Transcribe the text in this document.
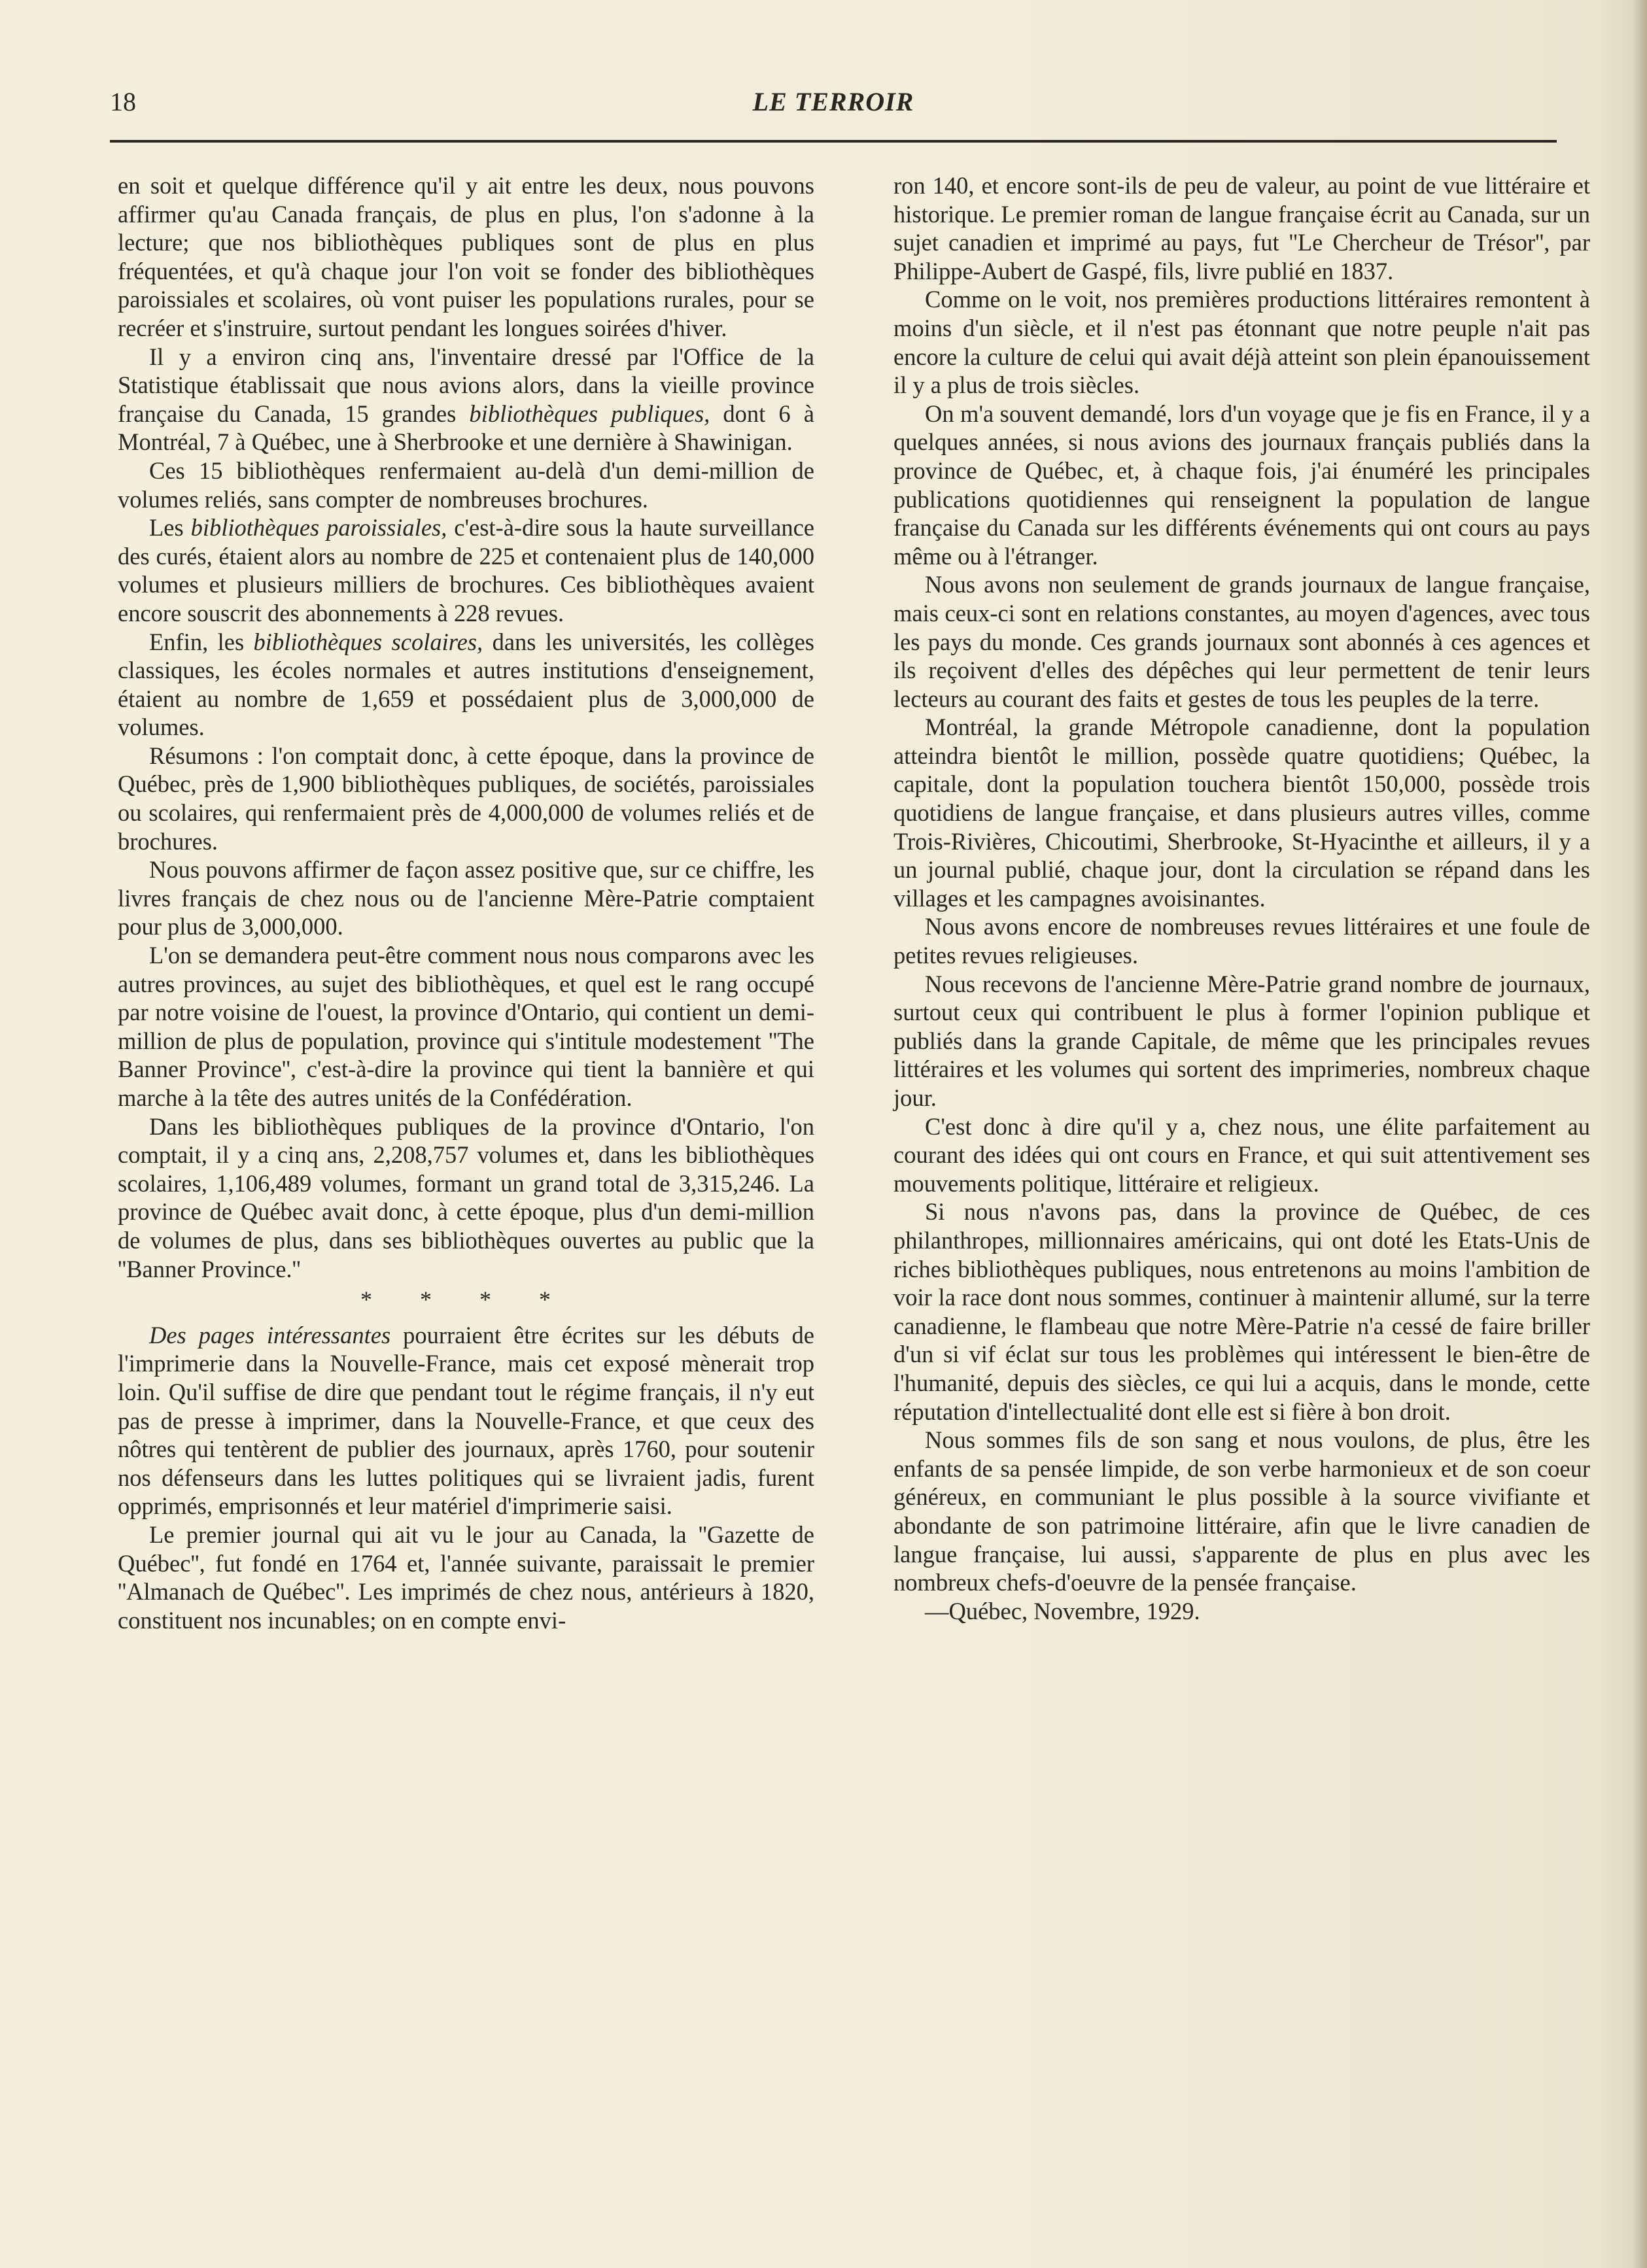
18	LE TERROIR

en soit et quelque différence qu'il y ait entre les deux, nous pouvons affirmer qu'au Canada français, de plus en plus, l'on s'adonne à la lecture; que nos bibliothèques publiques sont de plus en plus fréquentées, et qu'à chaque jour l'on voit se fonder des bibliothèques paroissiales et scolaires, où vont puiser les populations rurales, pour se recréer et s'instruire, surtout pendant les longues soirées d'hiver.

Il y a environ cinq ans, l'inventaire dressé par l'Office de la Statistique établissait que nous avions alors, dans la vieille province française du Canada, 15 grandes bibliothèques publiques, dont 6 à Montréal, 7 à Québec, une à Sherbrooke et une dernière à Shawinigan.

Ces 15 bibliothèques renfermaient au-delà d'un demi-million de volumes reliés, sans compter de nombreuses brochures.

Les bibliothèques paroissiales, c'est-à-dire sous la haute surveillance des curés, étaient alors au nombre de 225 et contenaient plus de 140,000 volumes et plusieurs milliers de brochures. Ces bibliothèques avaient encore souscrit des abonnements à 228 revues.

Enfin, les bibliothèques scolaires, dans les universités, les collèges classiques, les écoles normales et autres institutions d'enseignement, étaient au nombre de 1,659 et possédaient plus de 3,000,000 de volumes.

Résumons : l'on comptait donc, à cette époque, dans la province de Québec, près de 1,900 bibliothèques publiques, de sociétés, paroissiales ou scolaires, qui renfermaient près de 4,000,000 de volumes reliés et de brochures.

Nous pouvons affirmer de façon assez positive que, sur ce chiffre, les livres français de chez nous ou de l'ancienne Mère-Patrie comptaient pour plus de 3,000,000.

L'on se demandera peut-être comment nous nous comparons avec les autres provinces, au sujet des bibliothèques, et quel est le rang occupé par notre voisine de l'ouest, la province d'Ontario, qui contient un demi-million de plus de population, province qui s'intitule modestement ''The Banner Province'', c'est-à-dire la province qui tient la bannière et qui marche à la tête des autres unités de la Confédération.

Dans les bibliothèques publiques de la province d'Ontario, l'on comptait, il y a cinq ans, 2,208,757 volumes et, dans les bibliothèques scolaires, 1,106,489 volumes, formant un grand total de 3,315,246. La province de Québec avait donc, à cette époque, plus d'un demi-million de volumes de plus, dans ses bibliothèques ouvertes au public que la ''Banner Province.''

* * * *

Des pages intéressantes pourraient être écrites sur les débuts de l'imprimerie dans la Nouvelle-France, mais cet exposé mènerait trop loin. Qu'il suffise de dire que pendant tout le régime français, il n'y eut pas de presse à imprimer, dans la Nouvelle-France, et que ceux des nôtres qui tentèrent de publier des journaux, après 1760, pour soutenir nos défenseurs dans les luttes politiques qui se livraient jadis, furent opprimés, emprisonnés et leur matériel d'imprimerie saisi.

Le premier journal qui ait vu le jour au Canada, la ''Gazette de Québec'', fut fondé en 1764 et, l'année suivante, paraissait le premier ''Almanach de Québec''. Les imprimés de chez nous, antérieurs à 1820, constituent nos incunables; on en compte envi-

ron 140, et encore sont-ils de peu de valeur, au point de vue littéraire et historique. Le premier roman de langue française écrit au Canada, sur un sujet canadien et imprimé au pays, fut ''Le Chercheur de Trésor'', par Philippe-Aubert de Gaspé, fils, livre publié en 1837.

Comme on le voit, nos premières productions littéraires remontent à moins d'un siècle, et il n'est pas étonnant que notre peuple n'ait pas encore la culture de celui qui avait déjà atteint son plein épanouissement il y a plus de trois siècles.

On m'a souvent demandé, lors d'un voyage que je fis en France, il y a quelques années, si nous avions des journaux français publiés dans la province de Québec, et, à chaque fois, j'ai énuméré les principales publications quotidiennes qui renseignent la population de langue française du Canada sur les différents événements qui ont cours au pays même ou à l'étranger.

Nous avons non seulement de grands journaux de langue française, mais ceux-ci sont en relations constantes, au moyen d'agences, avec tous les pays du monde. Ces grands journaux sont abonnés à ces agences et ils reçoivent d'elles des dépêches qui leur permettent de tenir leurs lecteurs au courant des faits et gestes de tous les peuples de la terre.

Montréal, la grande Métropole canadienne, dont la population atteindra bientôt le million, possède quatre quotidiens; Québec, la capitale, dont la population touchera bientôt 150,000, possède trois quotidiens de langue française, et dans plusieurs autres villes, comme Trois-Rivières, Chicoutimi, Sherbrooke, St-Hyacinthe et ailleurs, il y a un journal publié, chaque jour, dont la circulation se répand dans les villages et les campagnes avoisinantes.

Nous avons encore de nombreuses revues littéraires et une foule de petites revues religieuses.

Nous recevons de l'ancienne Mère-Patrie grand nombre de journaux, surtout ceux qui contribuent le plus à former l'opinion publique et publiés dans la grande Capitale, de même que les principales revues littéraires et les volumes qui sortent des imprimeries, nombreux chaque jour.

C'est donc à dire qu'il y a, chez nous, une élite parfaitement au courant des idées qui ont cours en France, et qui suit attentivement ses mouvements politique, littéraire et religieux.

Si nous n'avons pas, dans la province de Québec, de ces philanthropes, millionnaires américains, qui ont doté les Etats-Unis de riches bibliothèques publiques, nous entretenons au moins l'ambition de voir la race dont nous sommes, continuer à maintenir allumé, sur la terre canadienne, le flambeau que notre Mère-Patrie n'a cessé de faire briller d'un si vif éclat sur tous les problèmes qui intéressent le bien-être de l'humanité, depuis des siècles, ce qui lui a acquis, dans le monde, cette réputation d'intellectualité dont elle est si fière à bon droit.

Nous sommes fils de son sang et nous voulons, de plus, être les enfants de sa pensée limpide, de son verbe harmonieux et de son coeur généreux, en communiant le plus possible à la source vivifiante et abondante de son patrimoine littéraire, afin que le livre canadien de langue française, lui aussi, s'apparente de plus en plus avec les nombreux chefs-d'oeuvre de la pensée française.

—Québec, Novembre, 1929.
